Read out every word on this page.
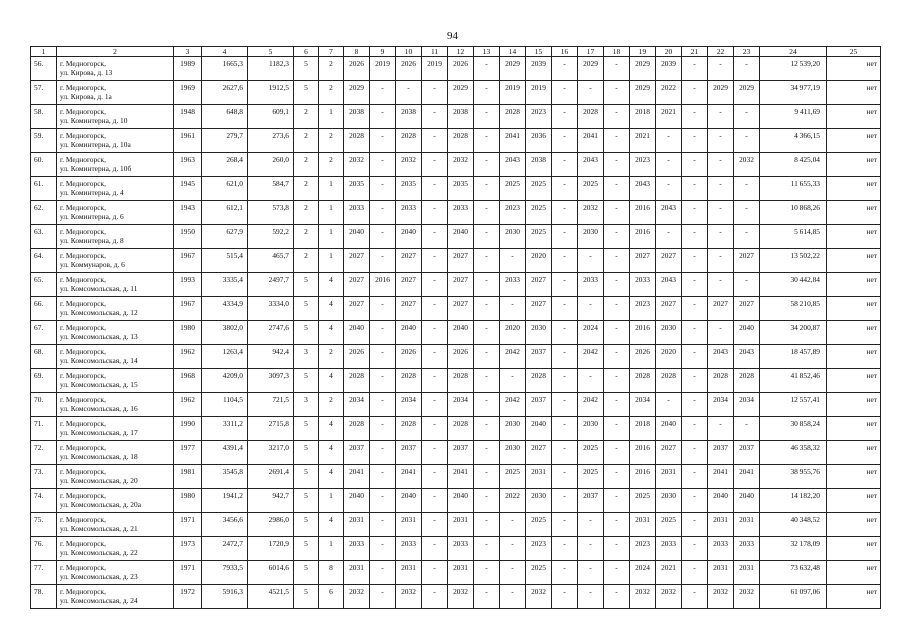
94
1	2	3	4	5	6	7	8	9	10	11	12	13	14	15	16	17	18	19	20	21	22	23	24	25
56.	г. Медногорск,
ул. Кирова, д. 13	1989	1665,3	1182,3	5	2	2026	2019	2026	2019	2026	-	2029	2039	-	2029	-	2029	2039	-	-	-	12 539,20	нет
57.	г. Медногорск,
ул. Кирова, д. 1а	1969	2627,6	1912,5	5	2	2029	-	-	-	2029	-	2019	2019	-	-	-	2029	2022	-	2029	2029	34 977,19	нет
58.	г. Медногорск,
ул. Коминтерна, д. 10	1948	648,8	609,1	2	1	2038	-	2038	-	2038	-	2028	2023	-	2028	-	2018	2021	-	-	-	9 411,69	нет
59.	г. Медногорск,
ул. Коминтерна, д. 10а	1961	279,7	273,6	2	2	2028	-	2028	-	2028	-	2041	2036	-	2041	-	2021	-	-	-	-	4 366,15	нет
60.	г. Медногорск,
ул. Коминтерна, д. 10б	1963	268,4	260,0	2	2	2032	-	2032	-	2032	-	2043	2038	-	2043	-	2023	-	-	-	2032	8 425,04	нет
61.	г. Медногорск,
ул. Коминтерна, д. 4	1945	621,0	584,7	2	1	2035	-	2035	-	2035	-	2025	2025	-	2025	-	2043	-	-	-	-	11 655,33	нет
62.	г. Медногорск,
ул. Коминтерна, д. 6	1943	612,1	573,8	2	1	2033	-	2033	-	2033	-	2023	2025	-	2032	-	2016	2043	-	-	-	10 868,26	нет
63.	г. Медногорск,
ул. Коминтерна, д. 8	1950	627,9	592,2	2	1	2040	-	2040	-	2040	-	2030	2025	-	2030	-	2016	-	-	-	-	5 614,85	нет
64.	г. Медногорск,
ул. Коммунаров, д. 6	1967	515,4	465,7	2	1	2027	-	2027	-	2027	-	-	2020	-	-	-	2027	2027	-	-	2027	13 502,22	нет
65.	г. Медногорск,
ул. Комсомольская, д. 11	1993	3335,4	2497,7	5	4	2027	2016	2027	-	2027	-	2033	2027	-	2033	-	2033	2043	-	-	-	30 442,84	нет
66.	г. Медногорск,
ул. Комсомольская, д. 12	1967	4334,9	3334,0	5	4	2027	-	2027	-	2027	-	-	2027	-	-	-	2023	2027	-	2027	2027	58 210,85	нет
67.	г. Медногорск,
ул. Комсомольская, д. 13	1980	3802,0	2747,6	5	4	2040	-	2040	-	2040	-	2020	2030	-	2024	-	2016	2030	-	-	2040	34 200,87	нет
68.	г. Медногорск,
ул. Комсомольская, д. 14	1962	1263,4	942,4	3	2	2026	-	2026	-	2026	-	2042	2037	-	2042	-	2026	2020	-	2043	2043	18 457,89	нет
69.	г. Медногорск,
ул. Комсомольская, д. 15	1968	4209,0	3097,3	5	4	2028	-	2028	-	2028	-	-	2028	-	-	-	2028	2028	-	2028	2028	41 852,46	нет
70.	г. Медногорск,
ул. Комсомольская, д. 16	1962	1104,5	721,5	3	2	2034	-	2034	-	2034	-	2042	2037	-	2042	-	2034	-	-	2034	2034	12 557,41	нет
71.	г. Медногорск,
ул. Комсомольская, д. 17	1990	3311,2	2715,8	5	4	2028	-	2028	-	2028	-	2030	2040	-	2030	-	2018	2040	-	-	-	30 858,24	нет
72.	г. Медногорск,
ул. Комсомольская, д. 18	1977	4391,4	3217,0	5	4	2037	-	2037	-	2037	-	2030	2027	-	2025	-	2016	2027	-	2037	2037	46 358,32	нет
73.	г. Медногорск,
ул. Комсомольская, д. 20	1981	3545,8	2691,4	5	4	2041	-	2041	-	2041	-	2025	2031	-	2025	-	2016	2031	-	2041	2041	38 955,76	нет
74.	г. Медногорск,
ул. Комсомольская, д. 20а	1980	1941,2	942,7	5	1	2040	-	2040	-	2040	-	2022	2030	-	2037	-	2025	2030	-	2040	2040	14 182,20	нет
75.	г. Медногорск,
ул. Комсомольская, д. 21	1971	3456,6	2986,0	5	4	2031	-	2031	-	2031	-	-	2025	-	-	-	2031	2025	-	2031	2031	40 348,52	нет
76.	г. Медногорск,
ул. Комсомольская, д. 22	1973	2472,7	1720,9	5	1	2033	-	2033	-	2033	-	-	2023	-	-	-	2023	2033	-	2033	2033	32 178,09	нет
77.	г. Медногорск,
ул. Комсомольская, д. 23	1971	7933,5	6014,6	5	8	2031	-	2031	-	2031	-	-	2025	-	-	-	2024	2021	-	2031	2031	73 632,48	нет
78.	г. Медногорск,
ул. Комсомольская, д. 24	1972	5916,3	4521,5	5	6	2032	-	2032	-	2032	-	-	2032	-	-	-	2032	2032	-	2032	2032	61 097,06	нет
